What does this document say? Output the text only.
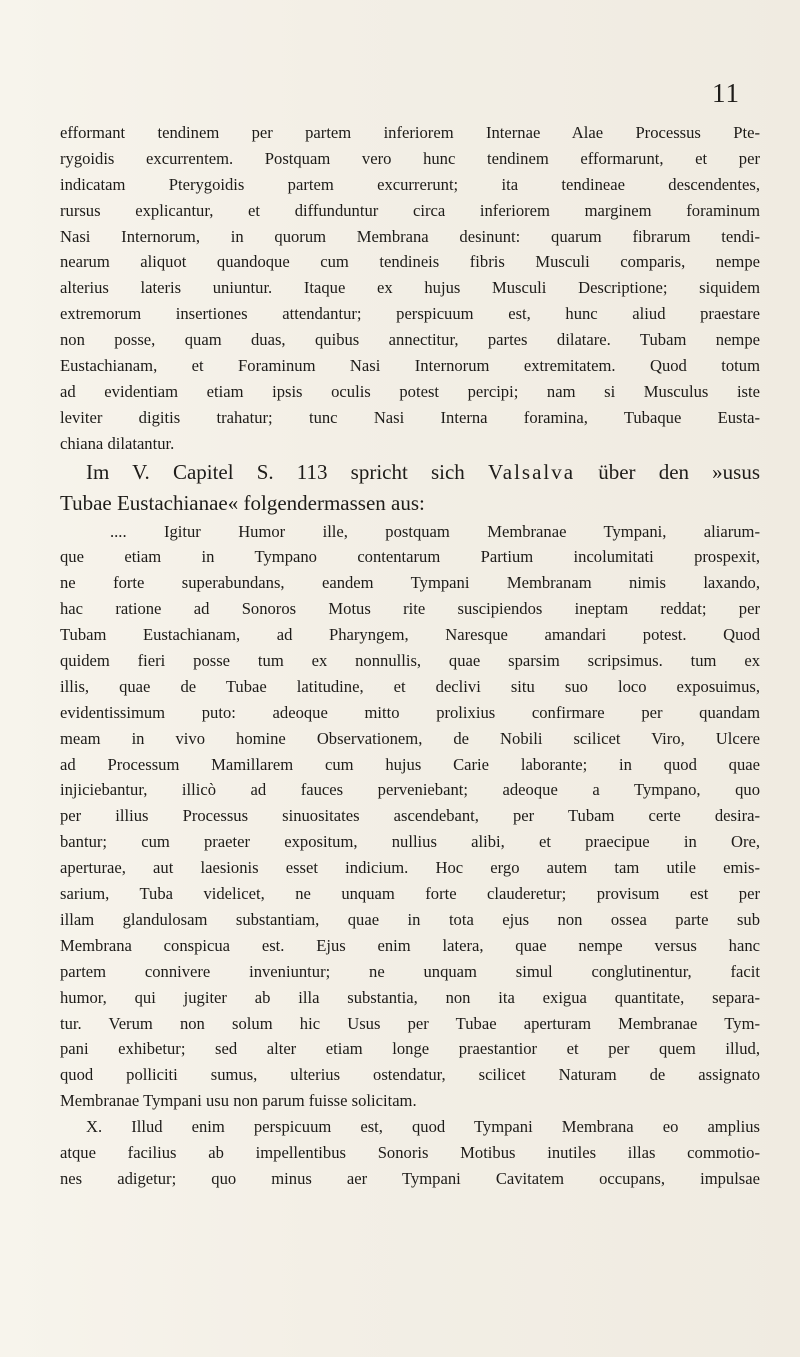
11
efformant tendinem per partem inferiorem Internae Alae Processus Pte-
rygoidis excurrentem. Postquam vero hunc tendinem efformarunt, et per
indicatam Pterygoidis partem excurrerunt; ita tendineae descendentes,
rursus explicantur, et diffunduntur circa inferiorem marginem foraminum
Nasi Internorum, in quorum Membrana desinunt: quarum fibrarum tendi-
nearum aliquot quandoque cum tendineis fibris Musculi comparis, nempe
alterius lateris uniuntur. Itaque ex hujus Musculi Descriptione; siquidem
extremorum insertiones attendantur; perspicuum est, hunc aliud praestare
non posse, quam duas, quibus annectitur, partes dilatare. Tubam nempe
Eustachianam, et Foraminum Nasi Internorum extremitatem. Quod totum
ad evidentiam etiam ipsis oculis potest percipi; nam si Musculus iste
leviter digitis trahatur; tunc Nasi Interna foramina, Tubaque Eusta-
chiana dilatantur.
Im V. Capitel S. 113 spricht sich Valsalva über den »usus
Tubae Eustachianae« folgendermassen aus:
.... Igitur Humor ille, postquam Membranae Tympani, aliarum-
que etiam in Tympano contentarum Partium incolumitati prospexit,
ne forte superabundans, eandem Tympani Membranam nimis laxando,
hac ratione ad Sonoros Motus rite suscipiendos ineptam reddat; per
Tubam Eustachianam, ad Pharyngem, Naresque amandari potest. Quod
quidem fieri posse tum ex nonnullis, quae sparsim scripsimus. tum ex
illis, quae de Tubae latitudine, et declivi situ suo loco exposuimus,
evidentissimum puto: adeoque mitto prolixius confirmare per quandam
meam in vivo homine Observationem, de Nobili scilicet Viro, Ulcere
ad Processum Mamillarem cum hujus Carie laborante; in quod quae
injiciebantur, illicò ad fauces perveniebant; adeoque a Tympano, quo
per illius Processus sinuositates ascendebant, per Tubam certe desira-
bantur; cum praeter expositum, nullius alibi, et praecipue in Ore,
aperturae, aut laesionis esset indicium. Hoc ergo autem tam utile emis-
sarium, Tuba videlicet, ne unquam forte clauderetur; provisum est per
illam glandulosam substantiam, quae in tota ejus non ossea parte sub
Membrana conspicua est. Ejus enim latera, quae nempe versus hanc
partem connivere inveniuntur; ne unquam simul conglutinentur, facit
humor, qui jugiter ab illa substantia, non ita exigua quantitate, separa-
tur. Verum non solum hic Usus per Tubae aperturam Membranae Tym-
pani exhibetur; sed alter etiam longe praestantior et per quem illud,
quod polliciti sumus, ulterius ostendatur, scilicet Naturam de assignato
Membranae Tympani usu non parum fuisse solicitam.
X. Illud enim perspicuum est, quod Tympani Membrana eo amplius
atque facilius ab impellentibus Sonoris Motibus inutiles illas commotio-
nes adigetur; quo minus aer Tympani Cavitatem occupans, impulsae
